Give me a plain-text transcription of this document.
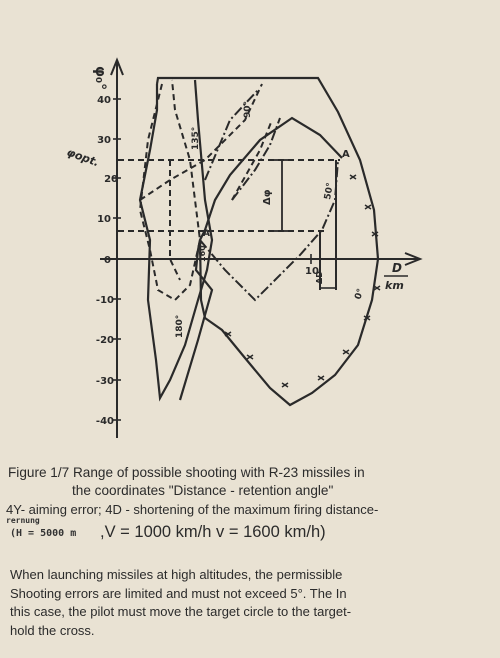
φ₀°
φopt.
D
km
40
30
20
10
0
-10
-20
-30
-40
10
A
A
135°
90°
50°
Δφ
ΔD
0°
180°
160°
Figure 1/7 Range of possible shooting with R-23 missiles in
the coordinates "Distance - retention angle"
4Y- aiming error; 4D - shortening of the maximum firing distance-
rernung
(H = 5000 m ,V = 1000 km/h v = 1600 km/h)
When launching missiles at high altitudes, the permissible
Shooting errors are limited and must not exceed 5°. The In
this case, the pilot must move the target circle to the target-
hold the cross.
